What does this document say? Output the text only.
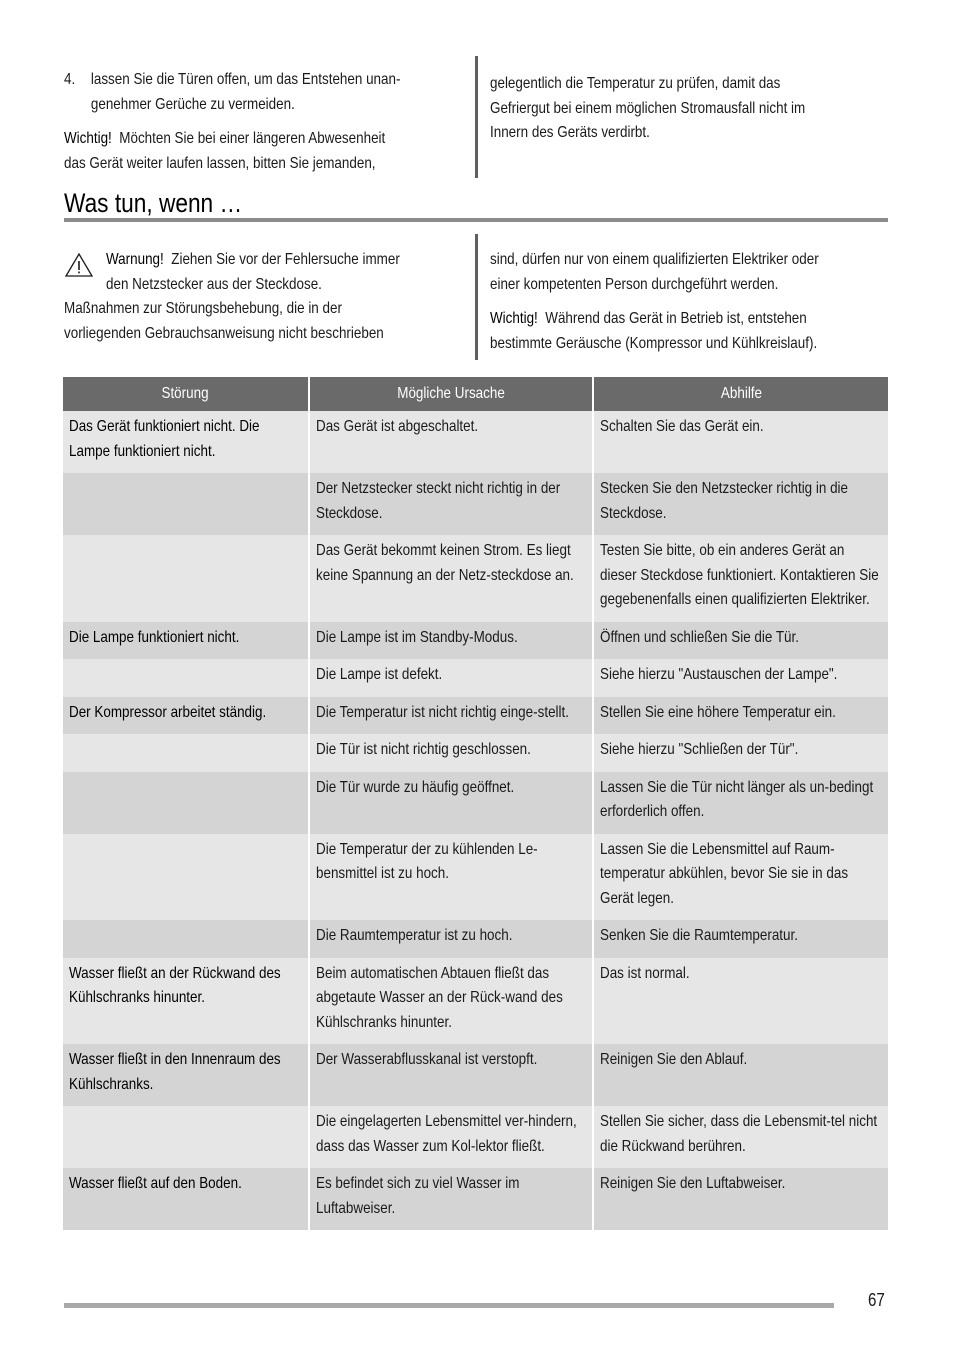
4. lassen Sie die Türen offen, um das Entstehen unan-

genehmer Gerüche zu vermeiden.

Wichtig! Möchten Sie bei einer längeren Abwesenheit

das Gerät weiter laufen lassen, bitten Sie jemanden,

gelegentlich die Temperatur zu prüfen, damit das

Gefriergut bei einem möglichen Stromausfall nicht im

Innern des Geräts verdirbt.

Was tun, wenn …

Warnung! Ziehen Sie vor der Fehlersuche immer

den Netzstecker aus der Steckdose.

Maßnahmen zur Störungsbehebung, die in der

vorliegenden Gebrauchsanweisung nicht beschrieben

sind, dürfen nur von einem qualifizierten Elektriker oder

einer kompetenten Person durchgeführt werden.

Wichtig! Während das Gerät in Betrieb ist, entstehen

bestimmte Geräusche (Kompressor und Kühlkreislauf).

Störung	Mögliche Ursache	Abhilfe

Das Gerät funktioniert nicht. Die Lampe funktioniert nicht.	Das Gerät ist abgeschaltet.	Schalten Sie das Gerät ein.

	Der Netzstecker steckt nicht richtig in der Steckdose.	Stecken Sie den Netzstecker richtig in die Steckdose.

	Das Gerät bekommt keinen Strom. Es liegt keine Spannung an der Netz-steckdose an.	Testen Sie bitte, ob ein anderes Gerät an dieser Steckdose funktioniert. Kontaktieren Sie gegebenenfalls einen qualifizierten Elektriker.

Die Lampe funktioniert nicht.	Die Lampe ist im Standby-Modus.	Öffnen und schließen Sie die Tür.

	Die Lampe ist defekt.	Siehe hierzu "Austauschen der Lampe".

Der Kompressor arbeitet ständig.	Die Temperatur ist nicht richtig einge-stellt.	Stellen Sie eine höhere Temperatur ein.

	Die Tür ist nicht richtig geschlossen.	Siehe hierzu "Schließen der Tür".

	Die Tür wurde zu häufig geöffnet.	Lassen Sie die Tür nicht länger als un-bedingt erforderlich offen.

	Die Temperatur der zu kühlenden Le-bensmittel ist zu hoch.	Lassen Sie die Lebensmittel auf Raum-temperatur abkühlen, bevor Sie sie in das Gerät legen.

	Die Raumtemperatur ist zu hoch.	Senken Sie die Raumtemperatur.

Wasser fließt an der Rückwand des Kühlschranks hinunter.	Beim automatischen Abtauen fließt das abgetaute Wasser an der Rück-wand des Kühlschranks hinunter.	Das ist normal.

Wasser fließt in den Innenraum des Kühlschranks.	Der Wasserabflusskanal ist verstopft.	Reinigen Sie den Ablauf.

	Die eingelagerten Lebensmittel ver-hindern, dass das Wasser zum Kol-lektor fließt.	Stellen Sie sicher, dass die Lebensmit-tel nicht die Rückwand berühren.

Wasser fließt auf den Boden.	Es befindet sich zu viel Wasser im Luftabweiser.	Reinigen Sie den Luftabweiser.
67
